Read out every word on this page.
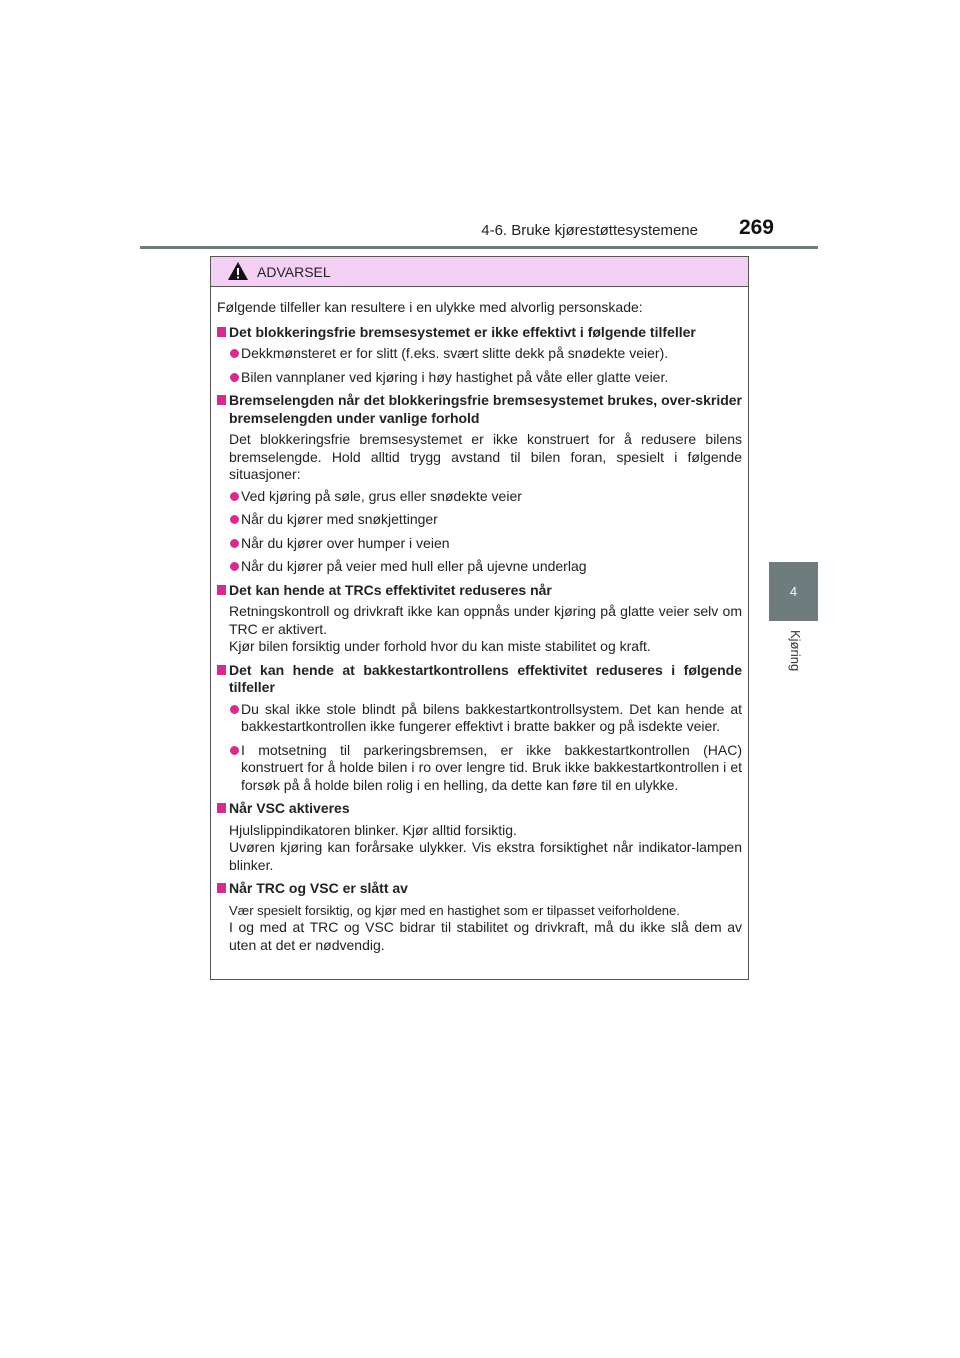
4-6. Bruke kjørestøttesystemene 269
4
Kjøring
ADVARSEL
Følgende tilfeller kan resultere i en ulykke med alvorlig personskade:
Det blokkeringsfrie bremsesystemet er ikke effektivt i følgende tilfeller
Dekkmønsteret er for slitt (f.eks. svært slitte dekk på snødekte veier).
Bilen vannplaner ved kjøring i høy hastighet på våte eller glatte veier.
Bremselengden når det blokkeringsfrie bremsesystemet brukes, over-skrider bremselengden under vanlige forhold
Det blokkeringsfrie bremsesystemet er ikke konstruert for å redusere bilens bremselengde. Hold alltid trygg avstand til bilen foran, spesielt i følgende situasjoner:
Ved kjøring på søle, grus eller snødekte veier
Når du kjører med snøkjettinger
Når du kjører over humper i veien
Når du kjører på veier med hull eller på ujevne underlag
Det kan hende at TRCs effektivitet reduseres når
Retningskontroll og drivkraft ikke kan oppnås under kjøring på glatte veier selv om TRC er aktivert.
Kjør bilen forsiktig under forhold hvor du kan miste stabilitet og kraft.
Det kan hende at bakkestartkontrollens effektivitet reduseres i følgende tilfeller
Du skal ikke stole blindt på bilens bakkestartkontrollsystem. Det kan hende at bakkestartkontrollen ikke fungerer effektivt i bratte bakker og på isdekte veier.
I motsetning til parkeringsbremsen, er ikke bakkestartkontrollen (HAC) konstruert for å holde bilen i ro over lengre tid. Bruk ikke bakkestartkontrollen i et forsøk på å holde bilen rolig i en helling, da dette kan føre til en ulykke.
Når VSC aktiveres
Hjulslippindikatoren blinker. Kjør alltid forsiktig.
Uvøren kjøring kan forårsake ulykker. Vis ekstra forsiktighet når indikator-lampen blinker.
Når TRC og VSC er slått av
Vær spesielt forsiktig, og kjør med en hastighet som er tilpasset veiforholdene.
I og med at TRC og VSC bidrar til stabilitet og drivkraft, må du ikke slå dem av uten at det er nødvendig.
